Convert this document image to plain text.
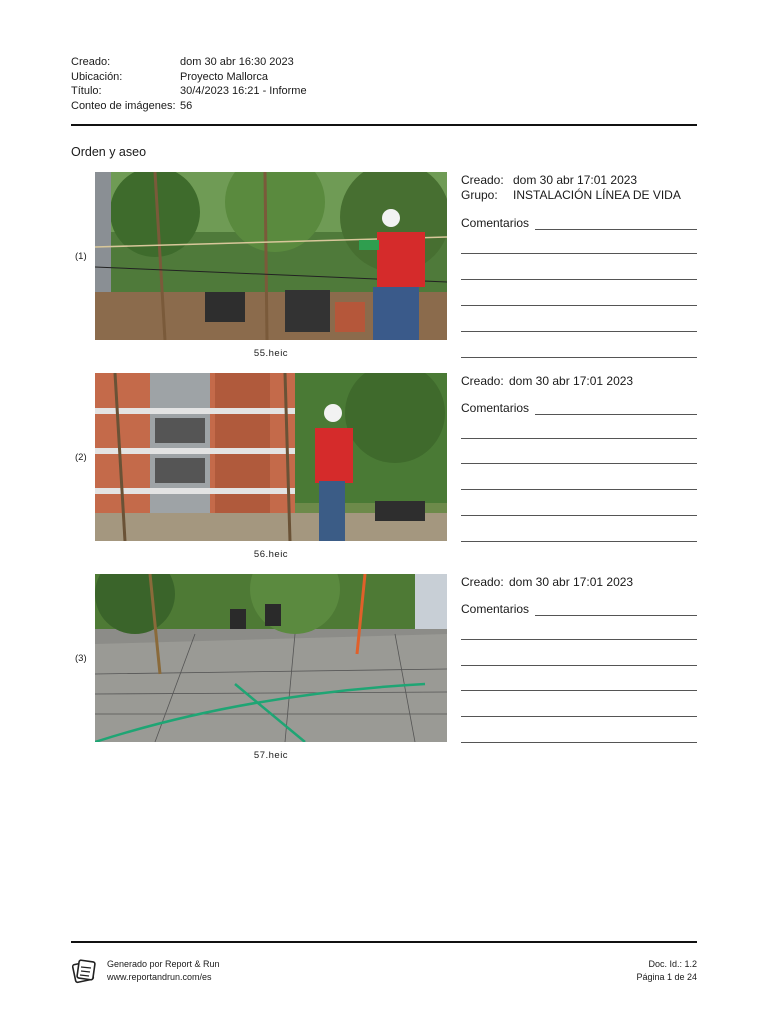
Creado:	dom 30 abr 16:30 2023
Ubicación:	Proyecto Mallorca
Título:	30/4/2023 16:21 - Informe
Conteo de imágenes: 56
Orden y aseo
(1)
55.heic
Creado: dom 30 abr 17:01 2023
Grupo:	INSTALACIÓN LÍNEA DE VIDA
Comentarios
(2)
56.heic
Creado: dom 30 abr 17:01 2023
Comentarios
(3)
57.heic
Creado: dom 30 abr 17:01 2023
Comentarios
Generado por Report & Run
www.reportandrun.com/es
Doc. Id.: 1.2
Página 1 de 24
